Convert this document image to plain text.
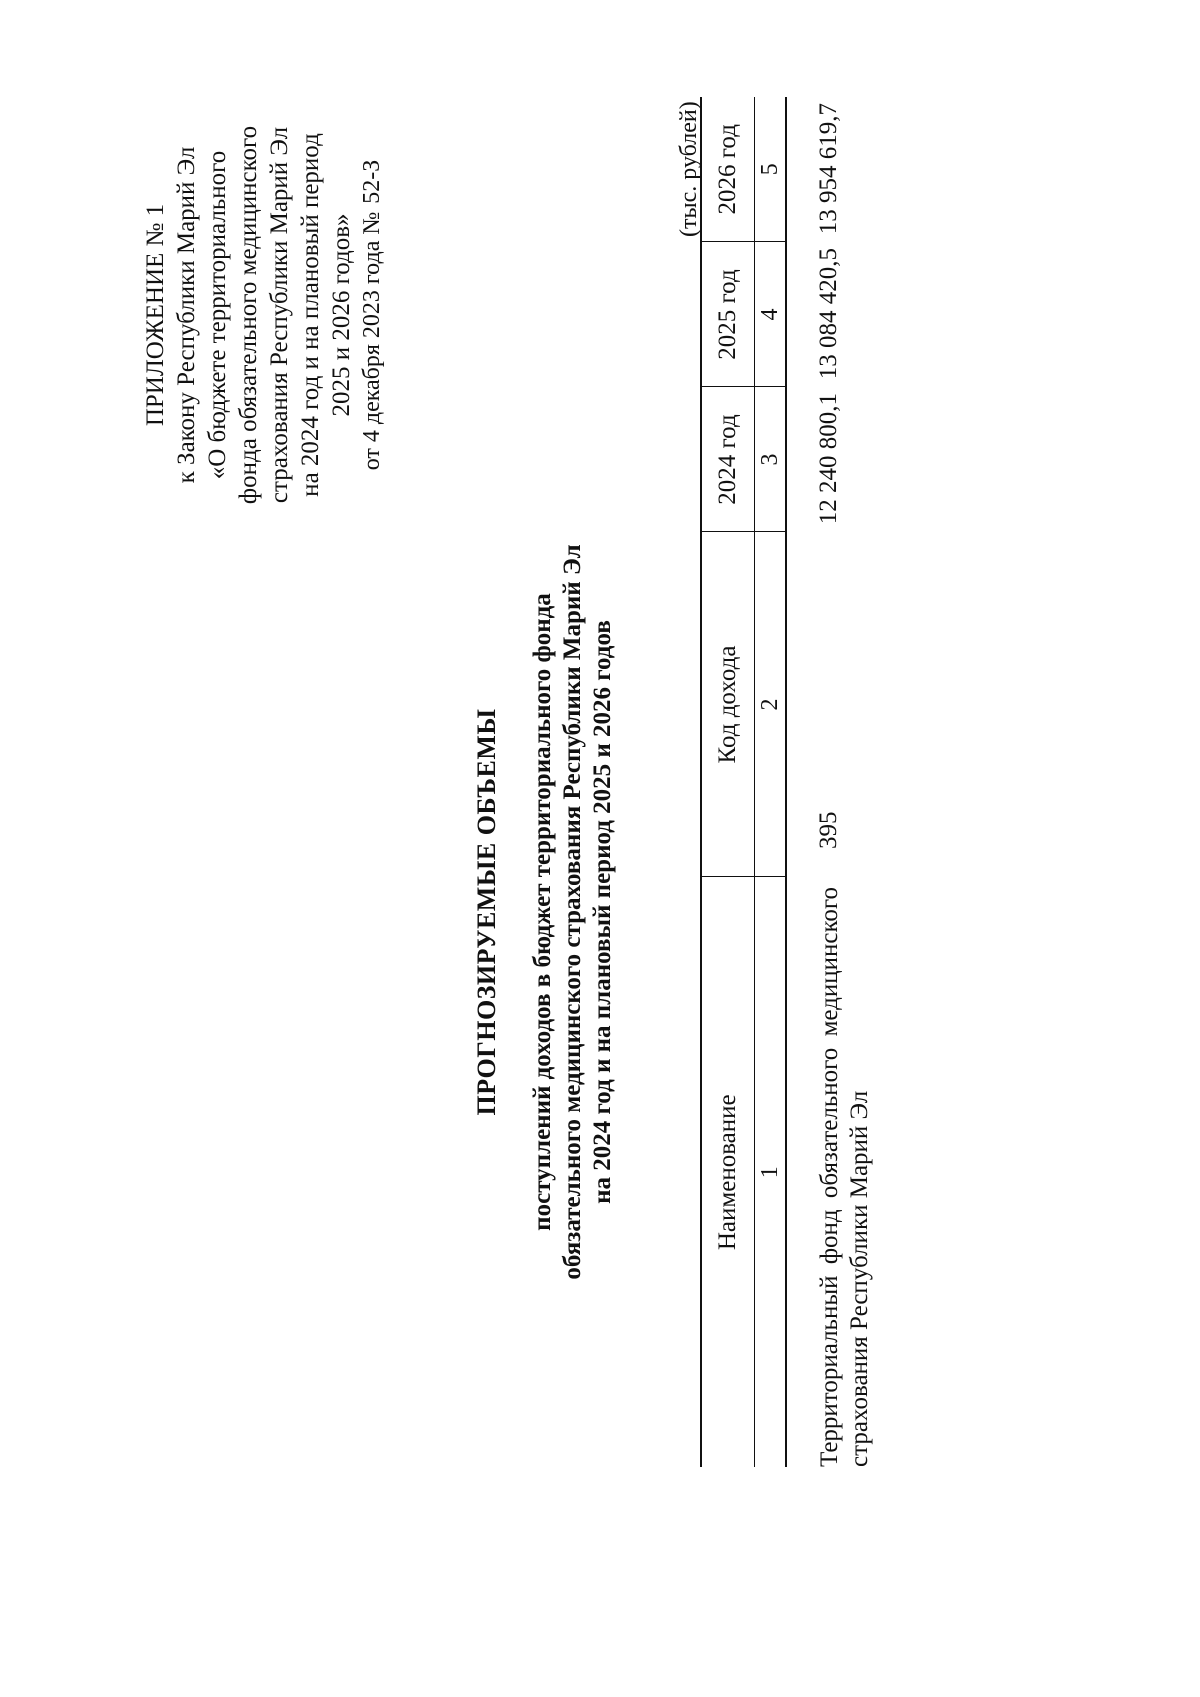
ПРИЛОЖЕНИЕ № 1 к Закону Республики Марий Эл «О бюджете территориального фонда обязательного медицинского страхования Республики Марий Эл на 2024 год и на плановый период 2025 и 2026 годов» от 4 декабря 2023 года № 52-З
ПРОГНОЗИРУЕМЫЕ ОБЪЕМЫ поступлений доходов в бюджет территориального фонда обязательного медицинского страхования Республики Марий Эл на 2024 год и на плановый период 2025 и 2026 годов
(тыс. рублей)
Наименование	Код дохода	2024 год	2025 год	2026 год
1	2	3	4	5
Территориальный фонд обязательного медицинского страхования Республики Марий Эл	395	12 240 800,1	13 084 420,5	13 954 619,7
